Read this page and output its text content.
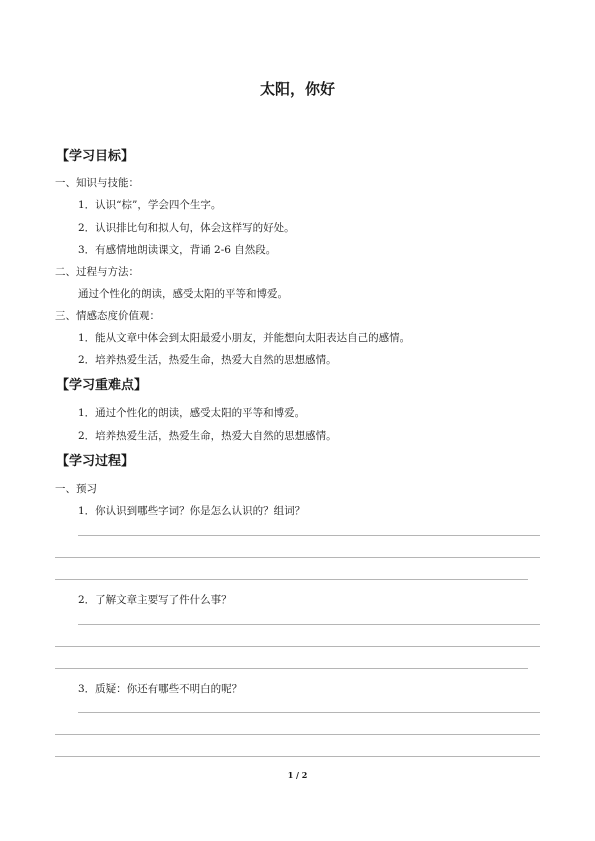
太阳，你好
【学习目标】
一、知识与技能：
1．认识“棕”，学会四个生字。
2．认识排比句和拟人句，体会这样写的好处。
3．有感情地朗读课文，背诵 2-6 自然段。
二、过程与方法：
通过个性化的朗读，感受太阳的平等和博爱。
三、情感态度价值观：
1．能从文章中体会到太阳最爱小朋友，并能想向太阳表达自己的感情。
2．培养热爱生活，热爱生命，热爱大自然的思想感情。
【学习重难点】
1．通过个性化的朗读，感受太阳的平等和博爱。
2．培养热爱生活，热爱生命，热爱大自然的思想感情。
【学习过程】
一、预习
1．你认识到哪些字词？你是怎么认识的？组词？
2．了解文章主要写了件什么事？
3．质疑：你还有哪些不明白的呢？
1 / 2
